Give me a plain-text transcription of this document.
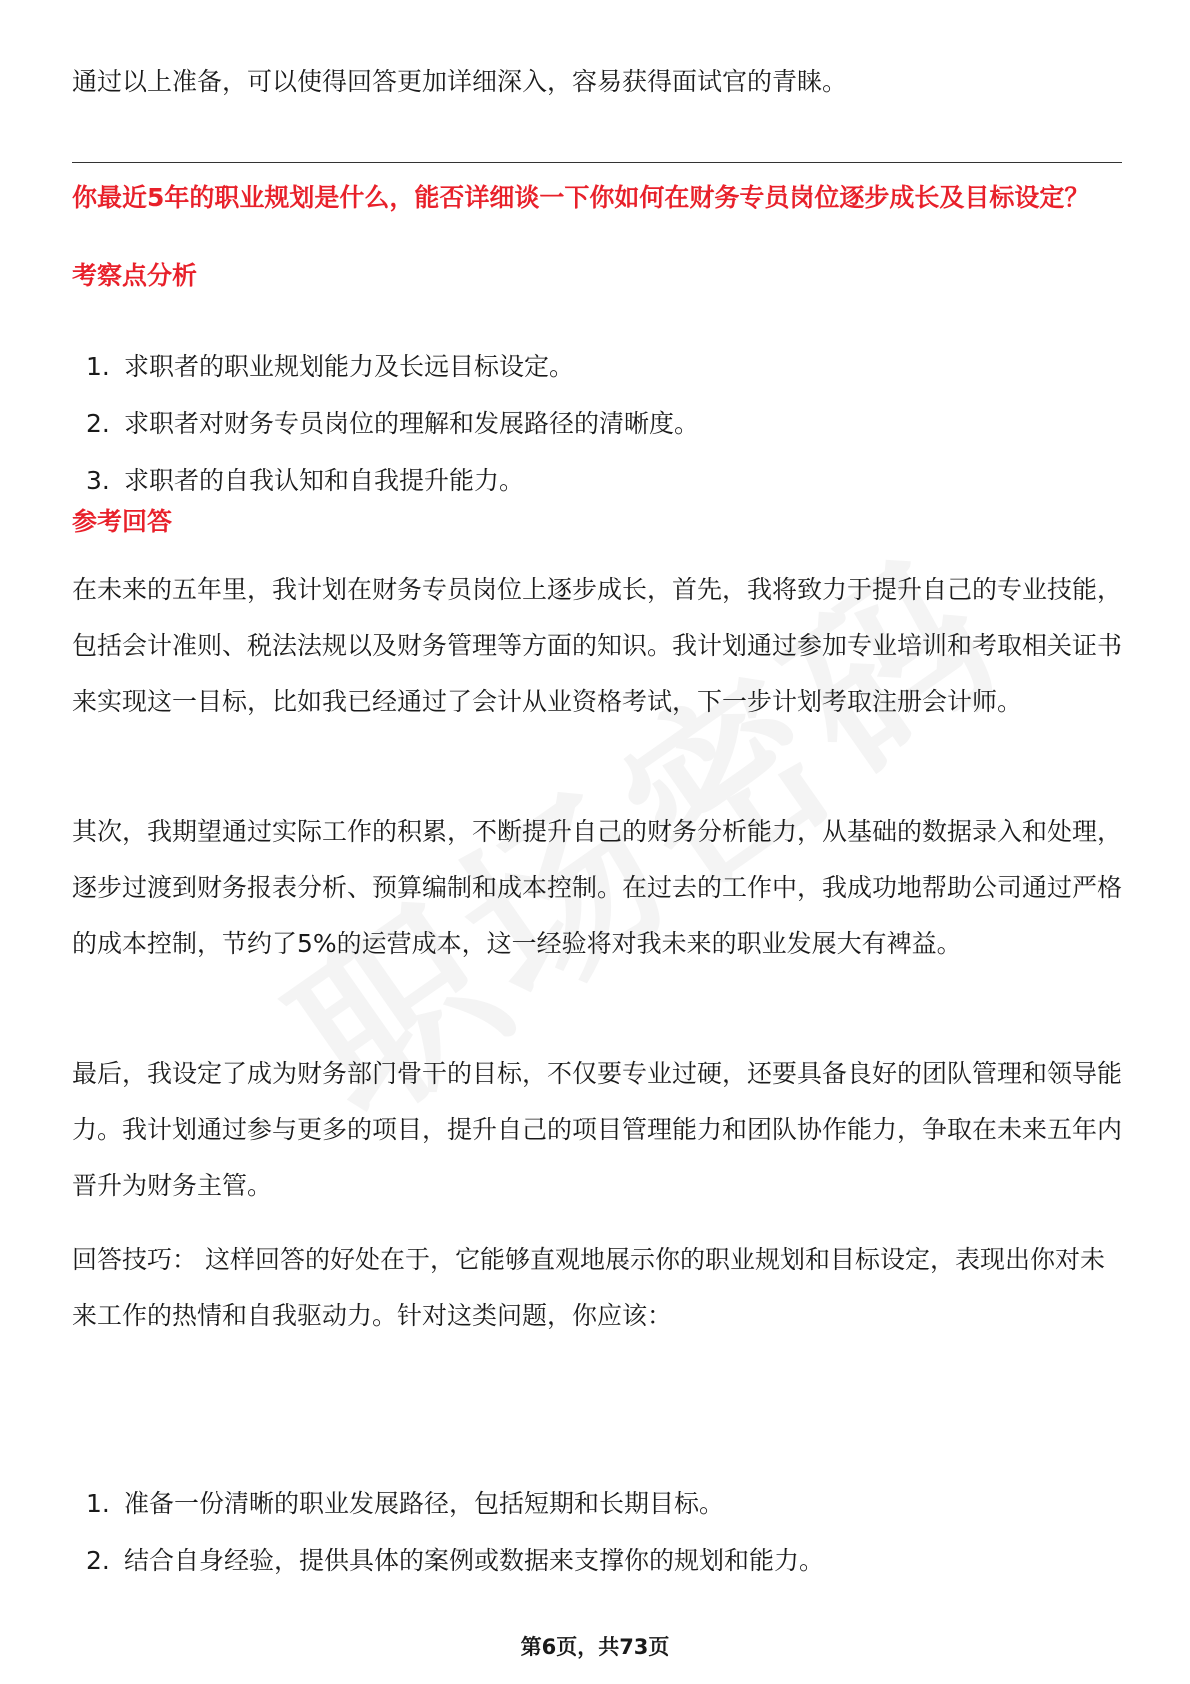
通过以上准备，可以使得回答更加详细深入，容易获得面试官的青睐。

你最近5年的职业规划是什么，能否详细谈一下你如何在财务专员岗位逐步成长及目标设定？
考察点分析
1. 求职者的职业规划能力及长远目标设定。
2. 求职者对财务专员岗位的理解和发展路径的清晰度。
3. 求职者的自我认知和自我提升能力。
参考回答

在未来的五年里，我计划在财务专员岗位上逐步成长，首先，我将致力于提升自己的专业技能，包括会计准则、税法法规以及财务管理等方面的知识。我计划通过参加专业培训和考取相关证书来实现这一目标，比如我已经通过了会计从业资格考试，下一步计划考取注册会计师。

其次，我期望通过实际工作的积累，不断提升自己的财务分析能力，从基础的数据录入和处理，逐步过渡到财务报表分析、预算编制和成本控制。在过去的工作中，我成功地帮助公司通过严格的成本控制，节约了5%的运营成本，这一经验将对我未来的职业发展大有裨益。

最后，我设定了成为财务部门骨干的目标，不仅要专业过硬，还要具备良好的团队管理和领导能力。我计划通过参与更多的项目，提升自己的项目管理能力和团队协作能力，争取在未来五年内晋升为财务主管。

回答技巧： 这样回答的好处在于，它能够直观地展示你的职业规划和目标设定，表现出你对未来工作的热情和自我驱动力。针对这类问题，你应该：

1. 准备一份清晰的职业发展路径，包括短期和长期目标。
2. 结合自身经验，提供具体的案例或数据来支撑你的规划和能力。
第6页，共73页
